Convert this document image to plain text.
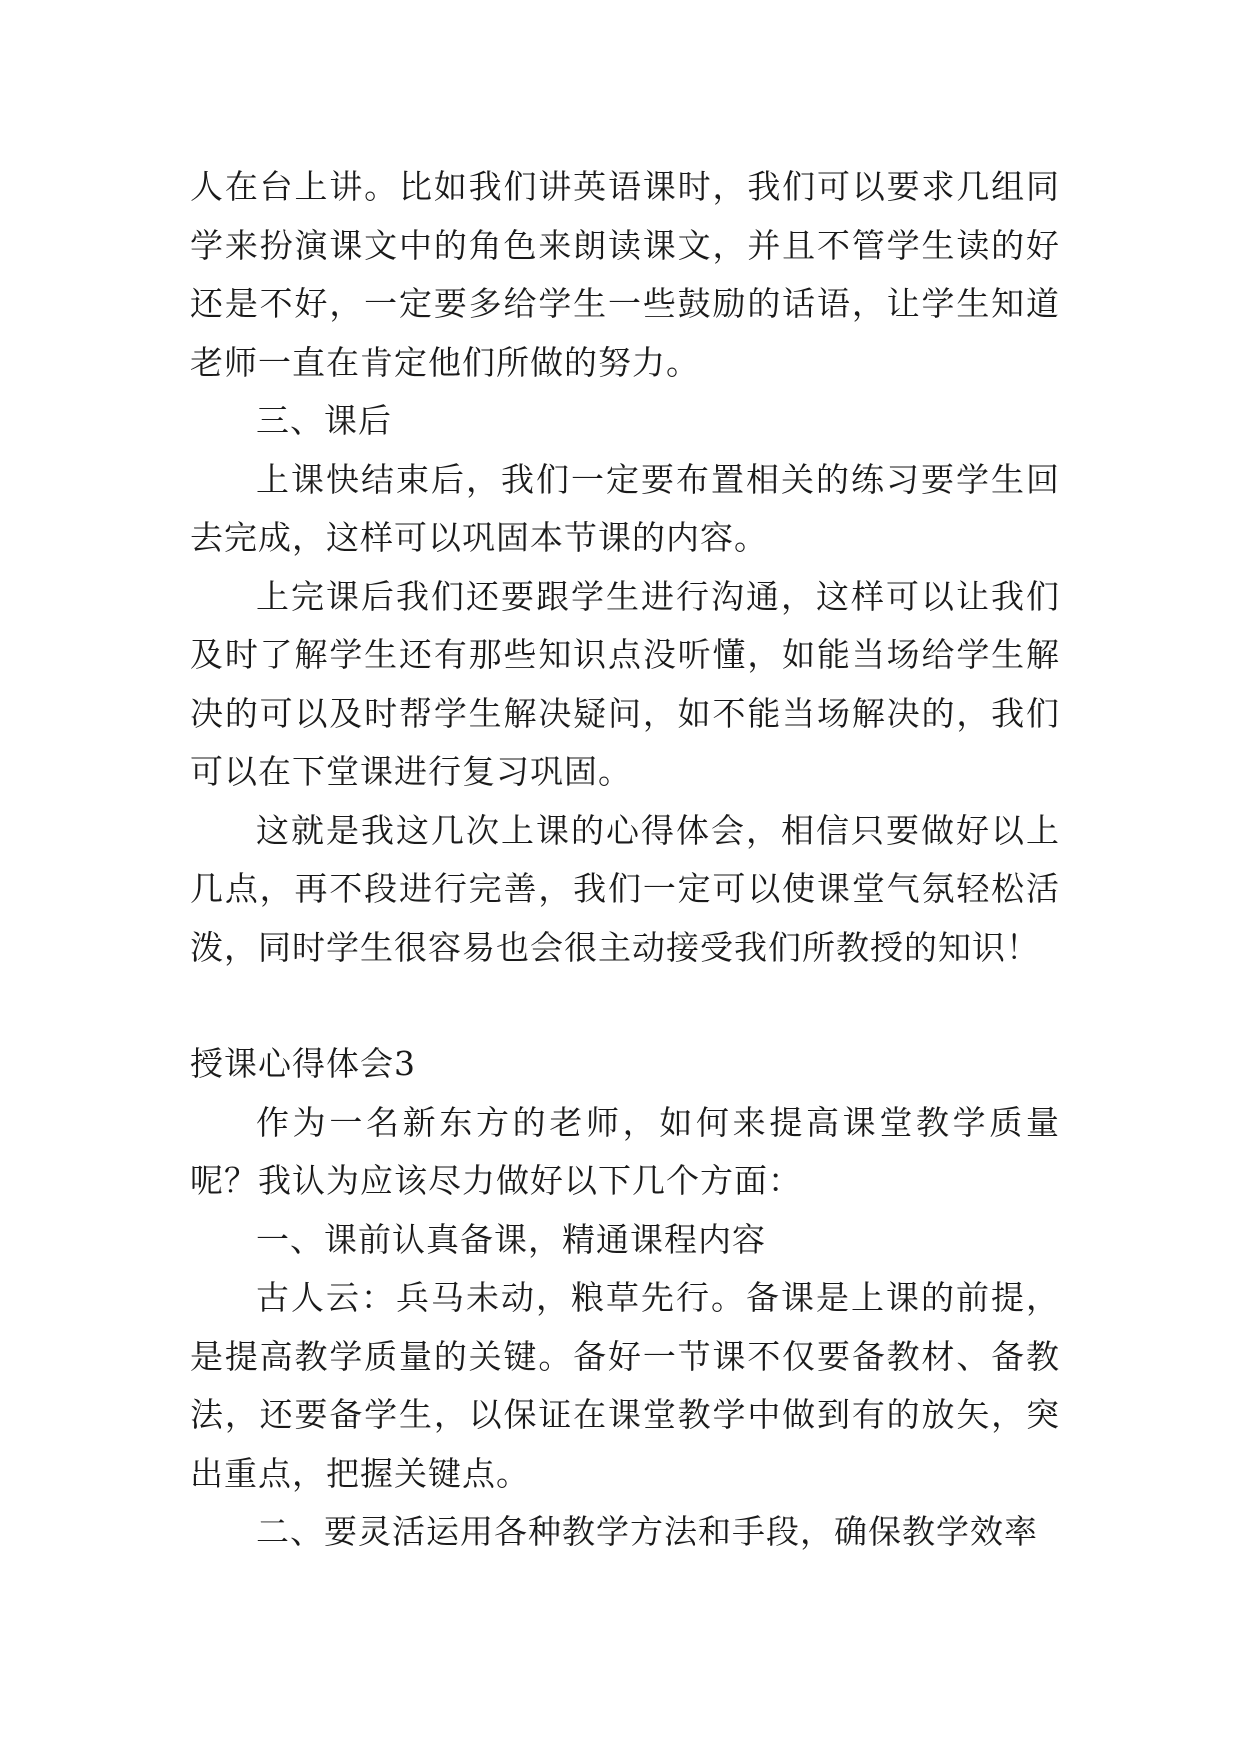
人在台上讲。比如我们讲英语课时，我们可以要求几组同学来扮演课文中的角色来朗读课文，并且不管学生读的好还是不好，一定要多给学生一些鼓励的话语，让学生知道老师一直在肯定他们所做的努力。

三、课后

上课快结束后，我们一定要布置相关的练习要学生回去完成，这样可以巩固本节课的内容。

上完课后我们还要跟学生进行沟通，这样可以让我们及时了解学生还有那些知识点没听懂，如能当场给学生解决的可以及时帮学生解决疑问，如不能当场解决的，我们可以在下堂课进行复习巩固。

这就是我这几次上课的心得体会，相信只要做好以上几点，再不段进行完善，我们一定可以使课堂气氛轻松活泼，同时学生很容易也会很主动接受我们所教授的知识！

授课心得体会3

作为一名新东方的老师，如何来提高课堂教学质量呢？我认为应该尽力做好以下几个方面：

一、课前认真备课，精通课程内容

古人云：兵马未动，粮草先行。备课是上课的前提，是提高教学质量的关键。备好一节课不仅要备教材、备教法，还要备学生，以保证在课堂教学中做到有的放矢，突出重点，把握关键点。

二、要灵活运用各种教学方法和手段，确保教学效率
